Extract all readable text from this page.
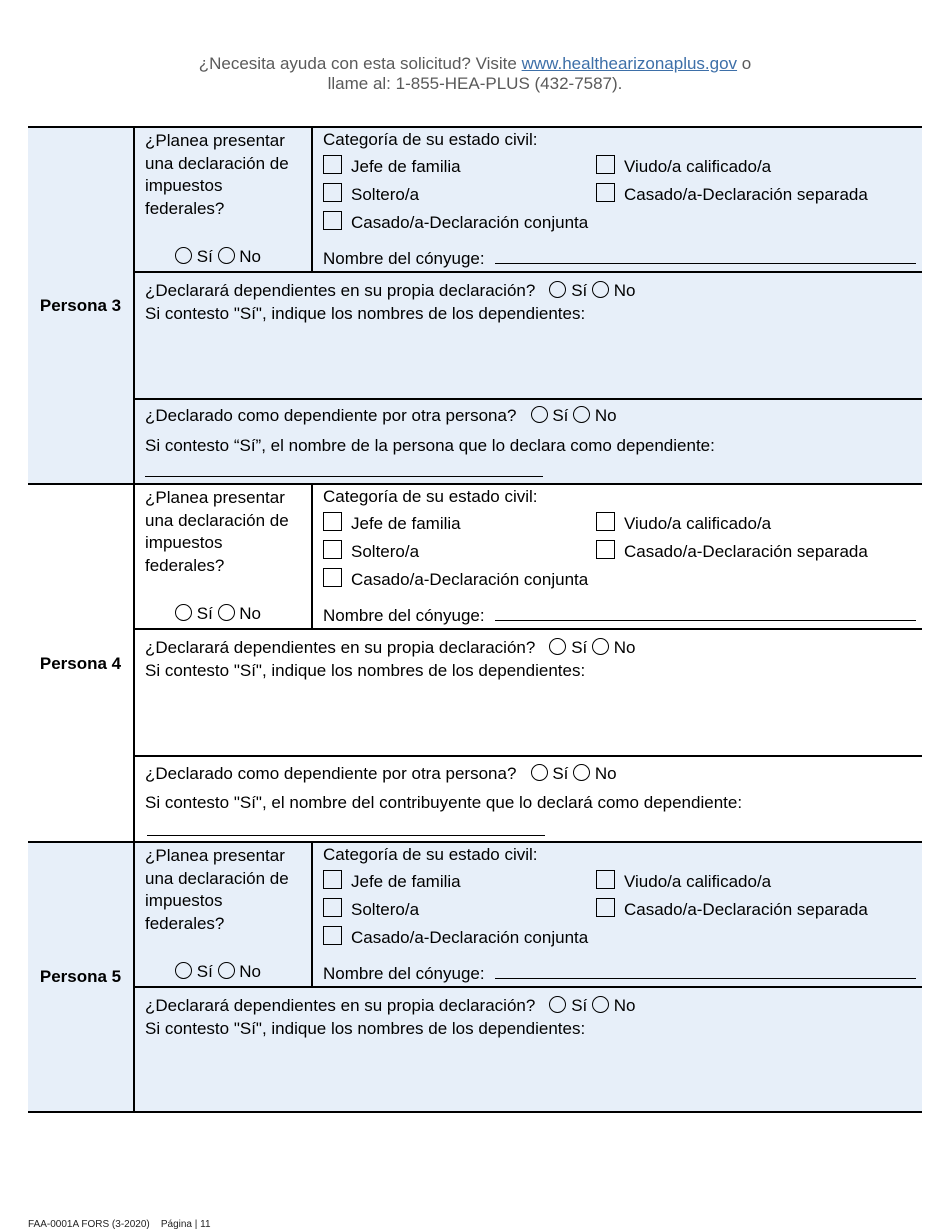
¿Necesita ayuda con esta solicitud? Visite www.healthearizonaplus.gov o
llame al: 1-855-HEA-PLUS (432-7587).
Persona 3
¿Planea presentar una declaración de impuestos federales?
Sí No
Categoría de su estado civil:
Jefe de familia
Soltero/a
Casado/a-Declaración conjunta
Viudo/a calificado/a
Casado/a-Declaración separada
Nombre del cónyuge:
¿Declarará dependientes en su propia declaración? Sí No
Si contesto "Sí", indique los nombres de los dependientes:
¿Declarado como dependiente por otra persona? Sí No
Si contesto “Sí”, el nombre de la persona que lo declara como dependiente:
Persona 4
¿Planea presentar una declaración de impuestos federales?
Sí No
Categoría de su estado civil:
Jefe de familia
Soltero/a
Casado/a-Declaración conjunta
Viudo/a calificado/a
Casado/a-Declaración separada
Nombre del cónyuge:
¿Declarará dependientes en su propia declaración? Sí No
Si contesto "Sí", indique los nombres de los dependientes:
¿Declarado como dependiente por otra persona? Sí No
Si contesto "Sí", el nombre del contribuyente que lo declará como dependiente:
Persona 5
¿Planea presentar una declaración de impuestos federales?
Sí No
Categoría de su estado civil:
Jefe de familia
Soltero/a
Casado/a-Declaración conjunta
Viudo/a calificado/a
Casado/a-Declaración separada
Nombre del cónyuge:
¿Declarará dependientes en su propia declaración? Sí No
Si contesto "Sí", indique los nombres de los dependientes:
FAA-0001A FORS (3-2020) Página | 11
